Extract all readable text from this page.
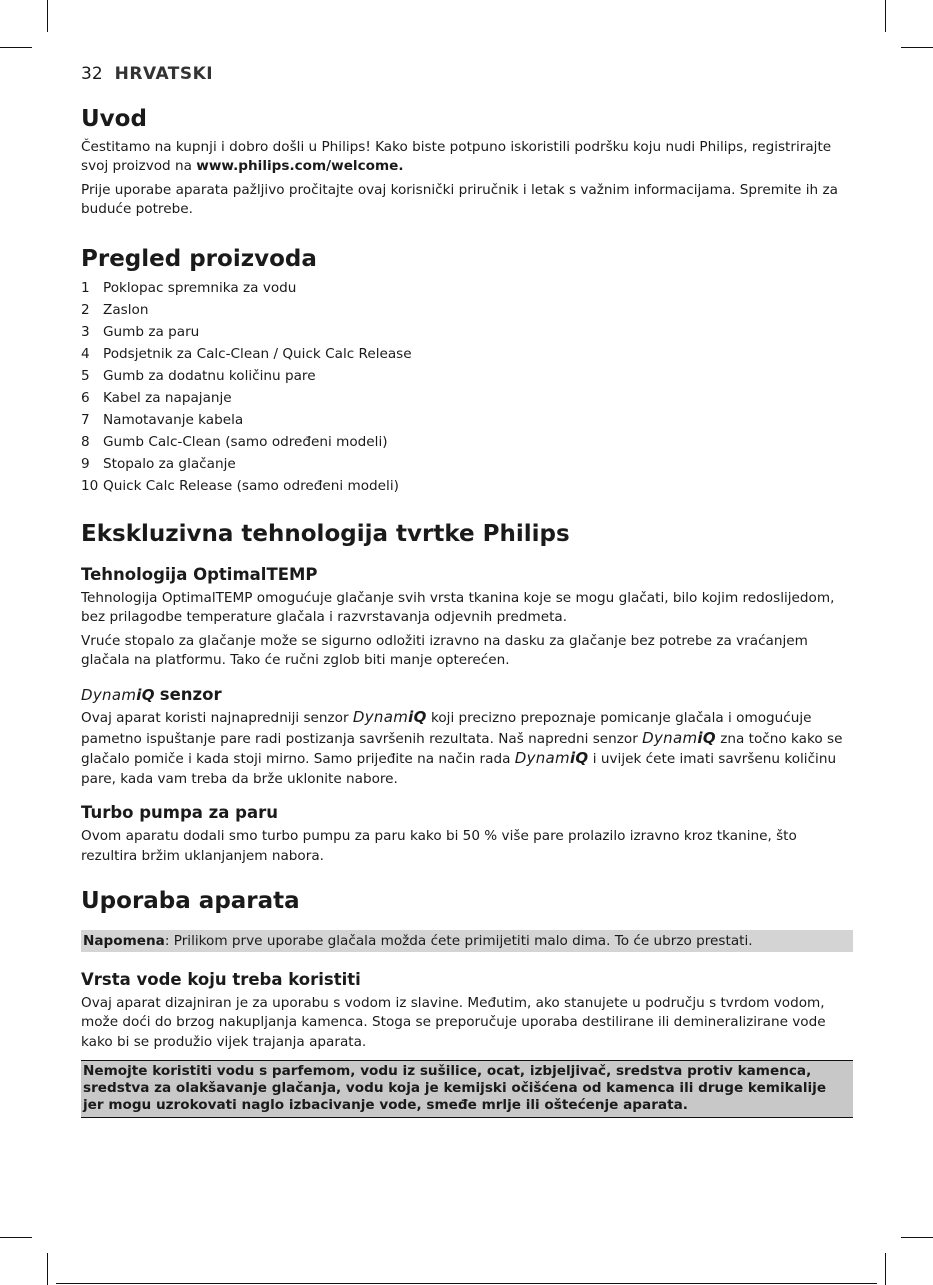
32 HRVATSKI
Uvod

Čestitamo na kupnji i dobro došli u Philips! Kako biste potpuno iskoristili podršku koju nudi Philips, registrirajte svoj proizvod na www.philips.com/welcome.

Prije uporabe aparata pažljivo pročitajte ovaj korisnički priručnik i letak s važnim informacijama. Spremite ih za buduće potrebe.

Pregled proizvoda
1 Poklopac spremnika za vodu
2 Zaslon
3 Gumb za paru
4 Podsjetnik za Calc-Clean / Quick Calc Release
5 Gumb za dodatnu količinu pare
6 Kabel za napajanje
7 Namotavanje kabela
8 Gumb Calc-Clean (samo određeni modeli)
9 Stopalo za glačanje
10 Quick Calc Release (samo određeni modeli)
Ekskluzivna tehnologija tvrtke Philips
Tehnologija OptimalTEMP

Tehnologija OptimalTEMP omogućuje glačanje svih vrsta tkanina koje se mogu glačati, bilo kojim redoslijedom, bez prilagodbe temperature glačala i razvrstavanja odjevnih predmeta.

Vruće stopalo za glačanje može se sigurno odložiti izravno na dasku za glačanje bez potrebe za vraćanjem glačala na platformu. Tako će ručni zglob biti manje opterećen.

DynamiQ senzor

Ovaj aparat koristi najnapredniji senzor DynamiQ koji precizno prepoznaje pomicanje glačala i omogućuje pametno ispuštanje pare radi postizanja savršenih rezultata. Naš napredni senzor DynamiQ zna točno kako se glačalo pomiče i kada stoji mirno. Samo prijeđite na način rada DynamiQ i uvijek ćete imati savršenu količinu pare, kada vam treba da brže uklonite nabore.

Turbo pumpa za paru

Ovom aparatu dodali smo turbo pumpu za paru kako bi 50 % više pare prolazilo izravno kroz tkanine, što rezultira bržim uklanjanjem nabora.

Uporaba aparata
Napomena: Prilikom prve uporabe glačala možda ćete primijetiti malo dima. To će ubrzo prestati.
Vrsta vode koju treba koristiti

Ovaj aparat dizajniran je za uporabu s vodom iz slavine. Međutim, ako stanujete u području s tvrdom vodom, može doći do brzog nakupljanja kamenca. Stoga se preporučuje uporaba destilirane ili demineralizirane vode kako bi se produžio vijek trajanja aparata.

Nemojte koristiti vodu s parfemom, vodu iz sušilice, ocat, izbjeljivač, sredstva protiv kamenca, sredstva za olakšavanje glačanja, vodu koja je kemijski očišćena od kamenca ili druge kemikalije jer mogu uzrokovati naglo izbacivanje vode, smeđe mrlje ili oštećenje aparata.
